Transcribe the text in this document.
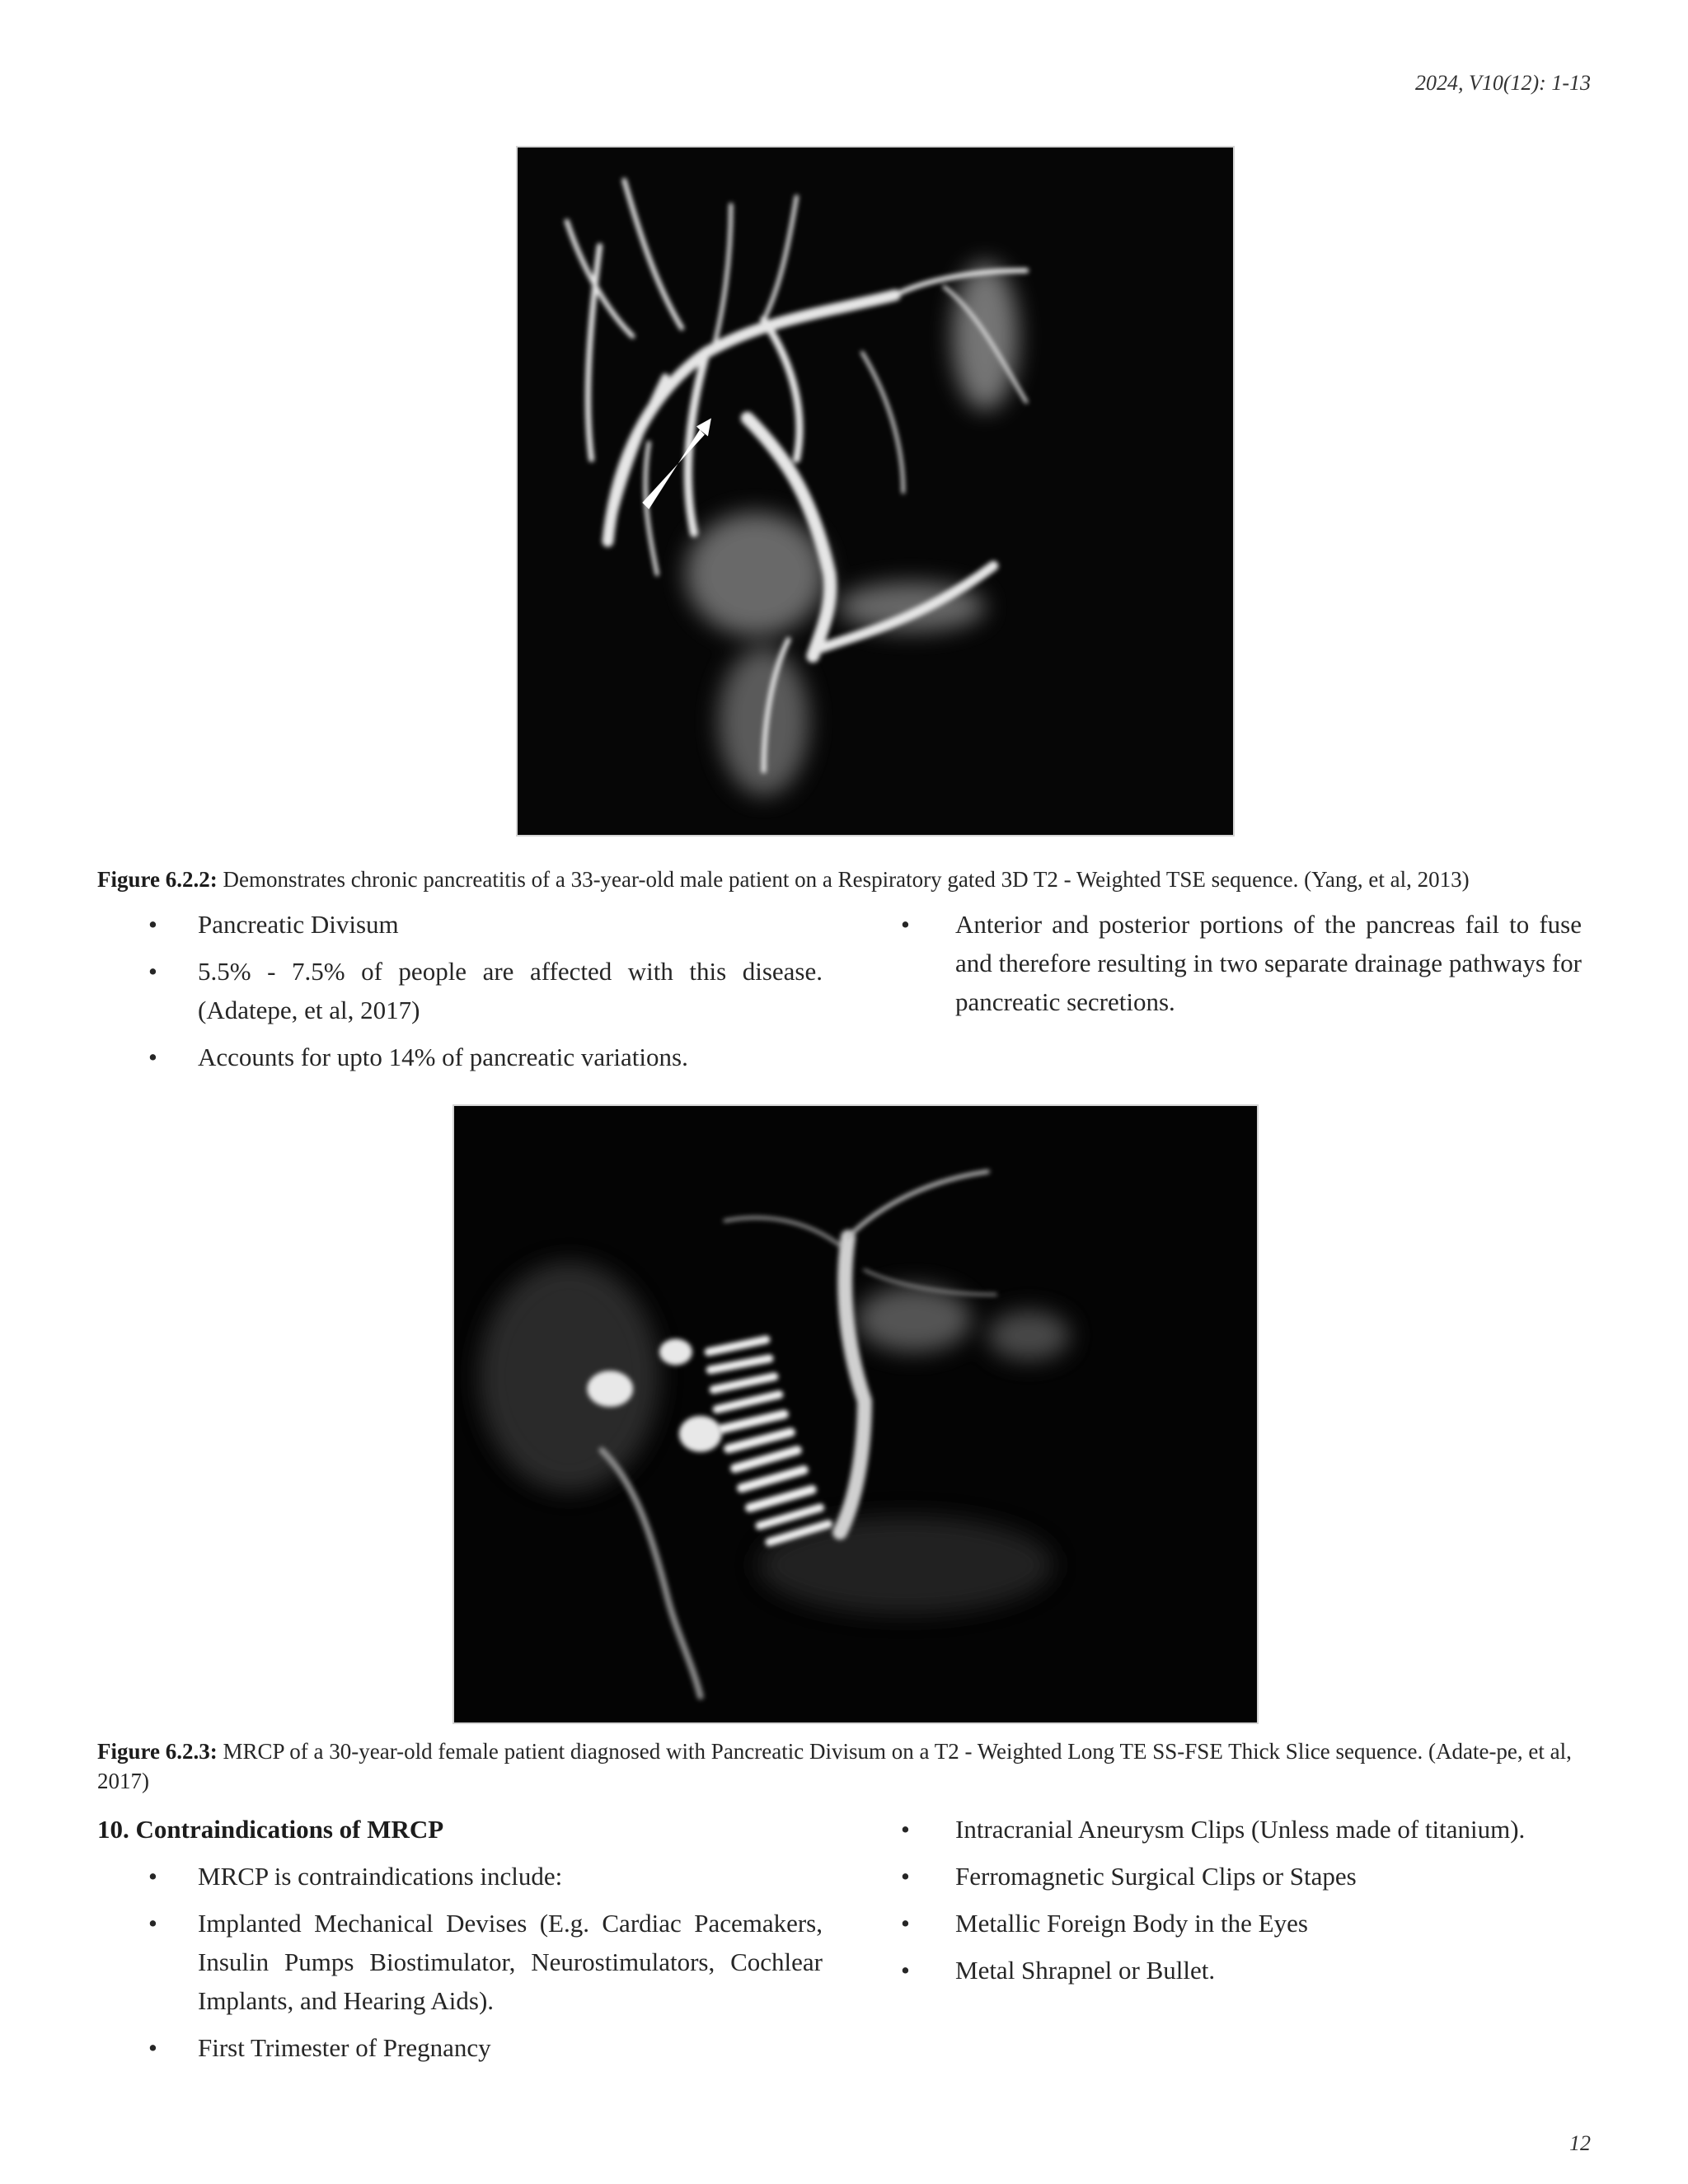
2024, V10(12): 1-13
Figure 6.2.2: Demonstrates chronic pancreatitis of a 33-year-old male patient on a Respiratory gated 3D T2 - Weighted TSE sequence. (Yang, et al, 2013)
• Pancreatic Divisum
• 5.5% - 7.5% of people are affected with this disease. (Adatepe, et al, 2017)
• Accounts for upto 14% of pancreatic variations.
• Anterior and posterior portions of the pancreas fail to fuse and therefore resulting in two separate drainage pathways for pancreatic secretions.
Figure 6.2.3: MRCP of a 30-year-old female patient diagnosed with Pancreatic Divisum on a T2 - Weighted Long TE SS-FSE Thick Slice sequence. (Adate-pe, et al, 2017)
10. Contraindications of MRCP
• MRCP is contraindications include:
• Implanted Mechanical Devises (E.g. Cardiac Pacemakers, Insulin Pumps Biostimulator, Neurostimulators, Cochlear Implants, and Hearing Aids).
• First Trimester of Pregnancy
• Intracranial Aneurysm Clips (Unless made of titanium).
• Ferromagnetic Surgical Clips or Stapes
• Metallic Foreign Body in the Eyes
• Metal Shrapnel or Bullet.
12
